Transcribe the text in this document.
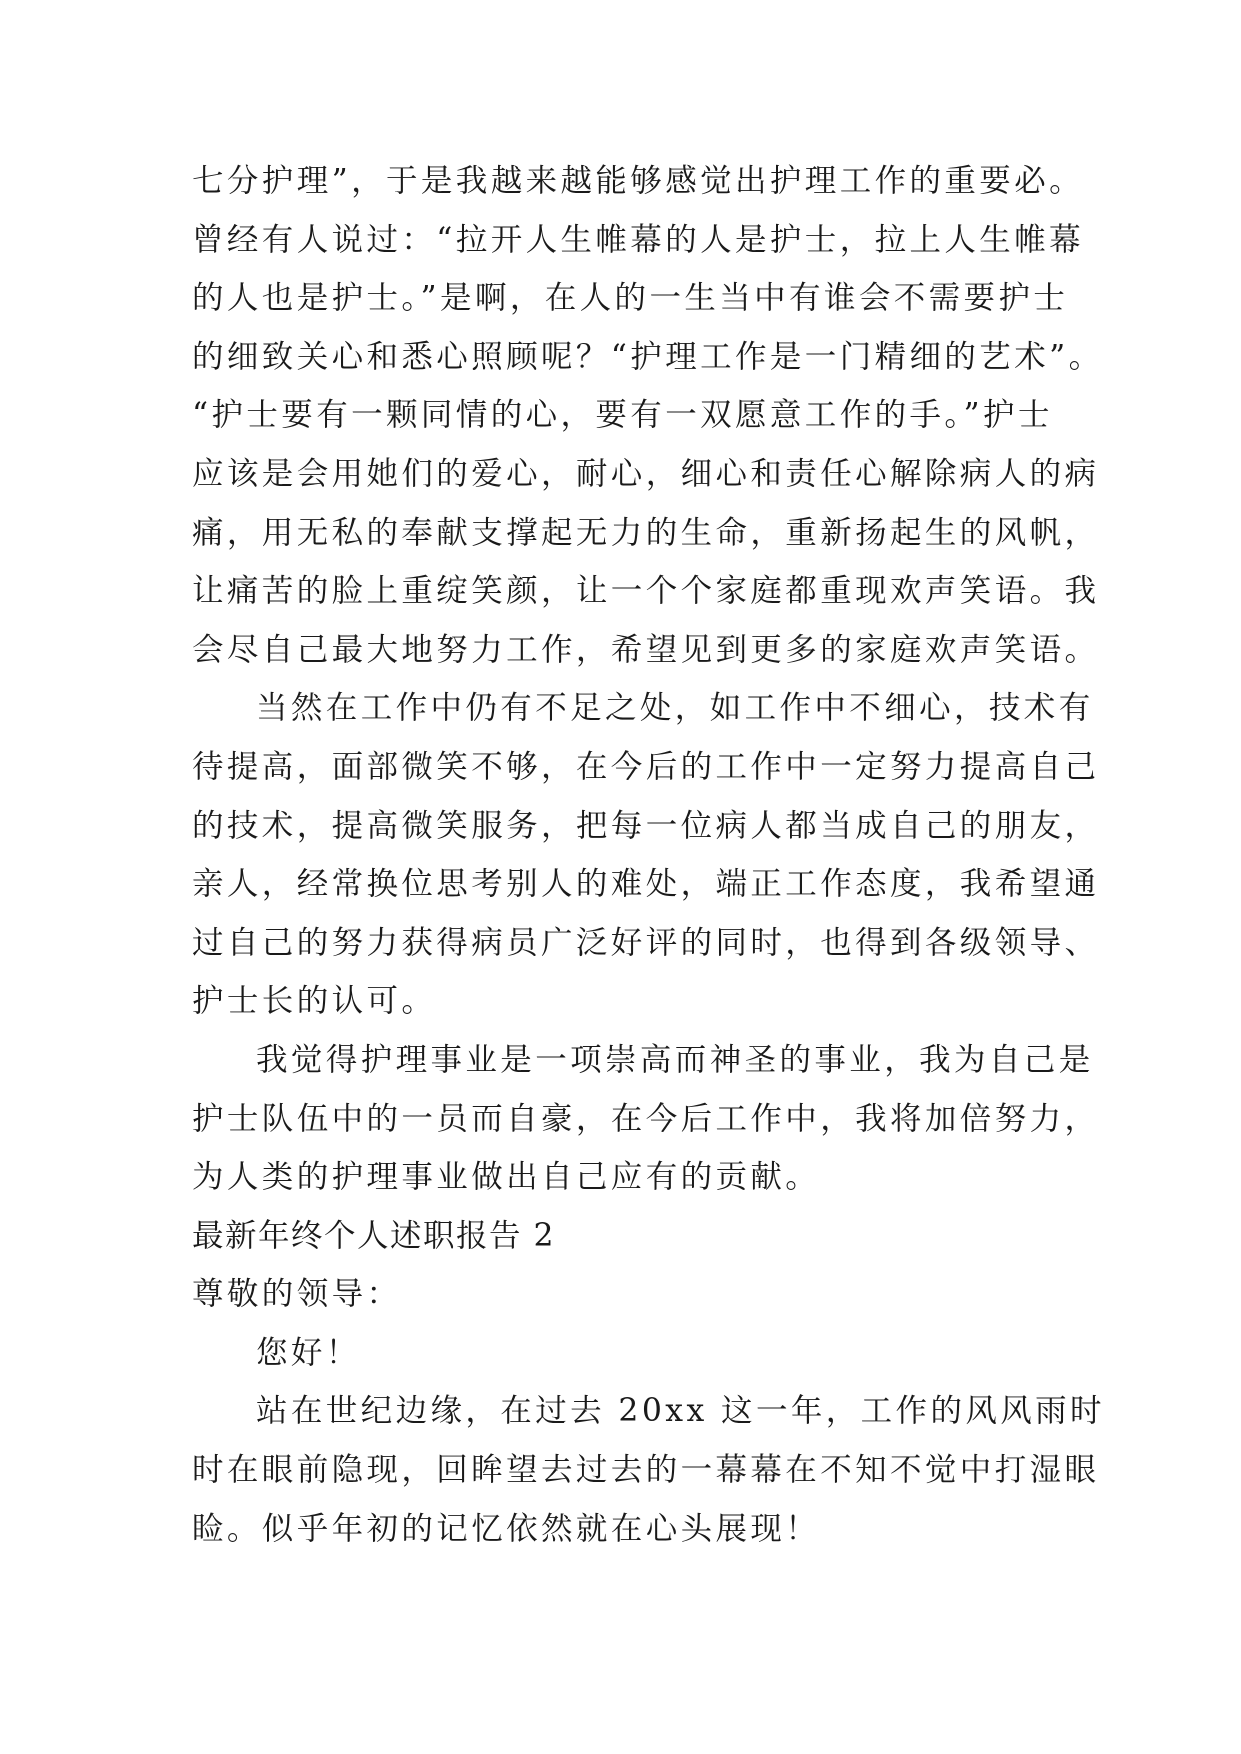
七分护理”，于是我越来越能够感觉出护理工作的重要必。
曾经有人说过：“拉开人生帷幕的人是护士，拉上人生帷幕
的人也是护士。”是啊，在人的一生当中有谁会不需要护士
的细致关心和悉心照顾呢？“护理工作是一门精细的艺术”。
“护士要有一颗同情的心，要有一双愿意工作的手。”护士
应该是会用她们的爱心，耐心，细心和责任心解除病人的病
痛，用无私的奉献支撑起无力的生命，重新扬起生的风帆，
让痛苦的脸上重绽笑颜，让一个个家庭都重现欢声笑语。我
会尽自己最大地努力工作，希望见到更多的家庭欢声笑语。
当然在工作中仍有不足之处，如工作中不细心，技术有
待提高，面部微笑不够，在今后的工作中一定努力提高自己
的技术，提高微笑服务，把每一位病人都当成自己的朋友，
亲人，经常换位思考别人的难处，端正工作态度，我希望通
过自己的努力获得病员广泛好评的同时，也得到各级领导、
护士长的认可。
我觉得护理事业是一项崇高而神圣的事业，我为自己是
护士队伍中的一员而自豪，在今后工作中，我将加倍努力，
为人类的护理事业做出自己应有的贡献。
最新年终个人述职报告 2
尊敬的领导：
您好！
站在世纪边缘，在过去 20xx 这一年，工作的风风雨时
时在眼前隐现，回眸望去过去的一幕幕在不知不觉中打湿眼
睑。似乎年初的记忆依然就在心头展现！
